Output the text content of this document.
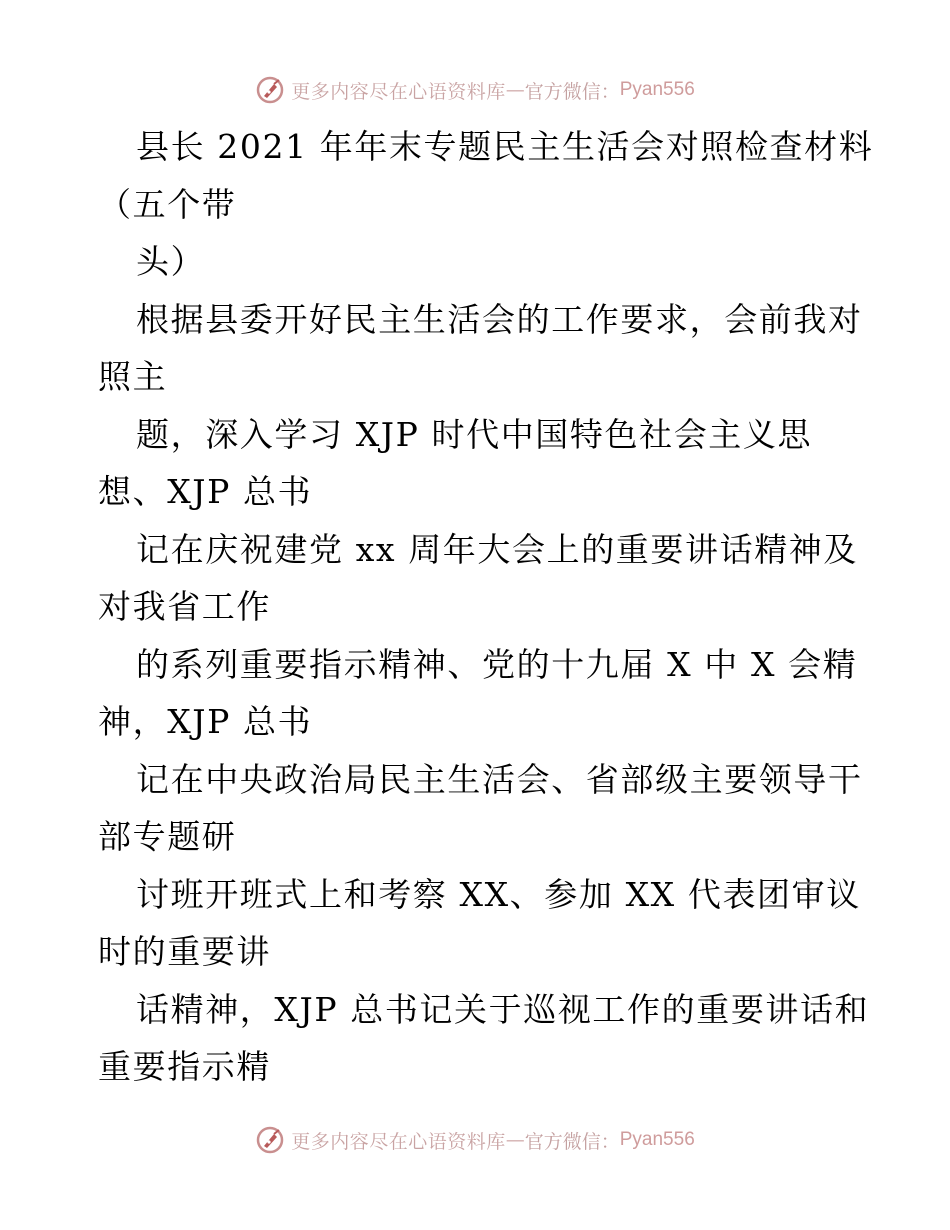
更多内容尽在心语资料库 — 官方微信： Pyan556
县长 2021 年年末专题民主生活会对照检查材料
（五个带
头）
根据县委开好民主生活会的工作要求，会前我对
照主
题，深入学习 XJP 时代中国特色社会主义思
想、XJP 总书
记在庆祝建党 xx 周年大会上的重要讲话精神及
对我省工作
的系列重要指示精神、党的十九届 X 中 X 会精
神，XJP 总书
记在中央政治局民主生活会、省部级主要领导干
部专题研
讨班开班式上和考察 XX、参加 XX 代表团审议
时的重要讲
话精神，XJP 总书记关于巡视工作的重要讲话和
重要指示精
更多内容尽在心语资料库 — 官方微信： Pyan556
